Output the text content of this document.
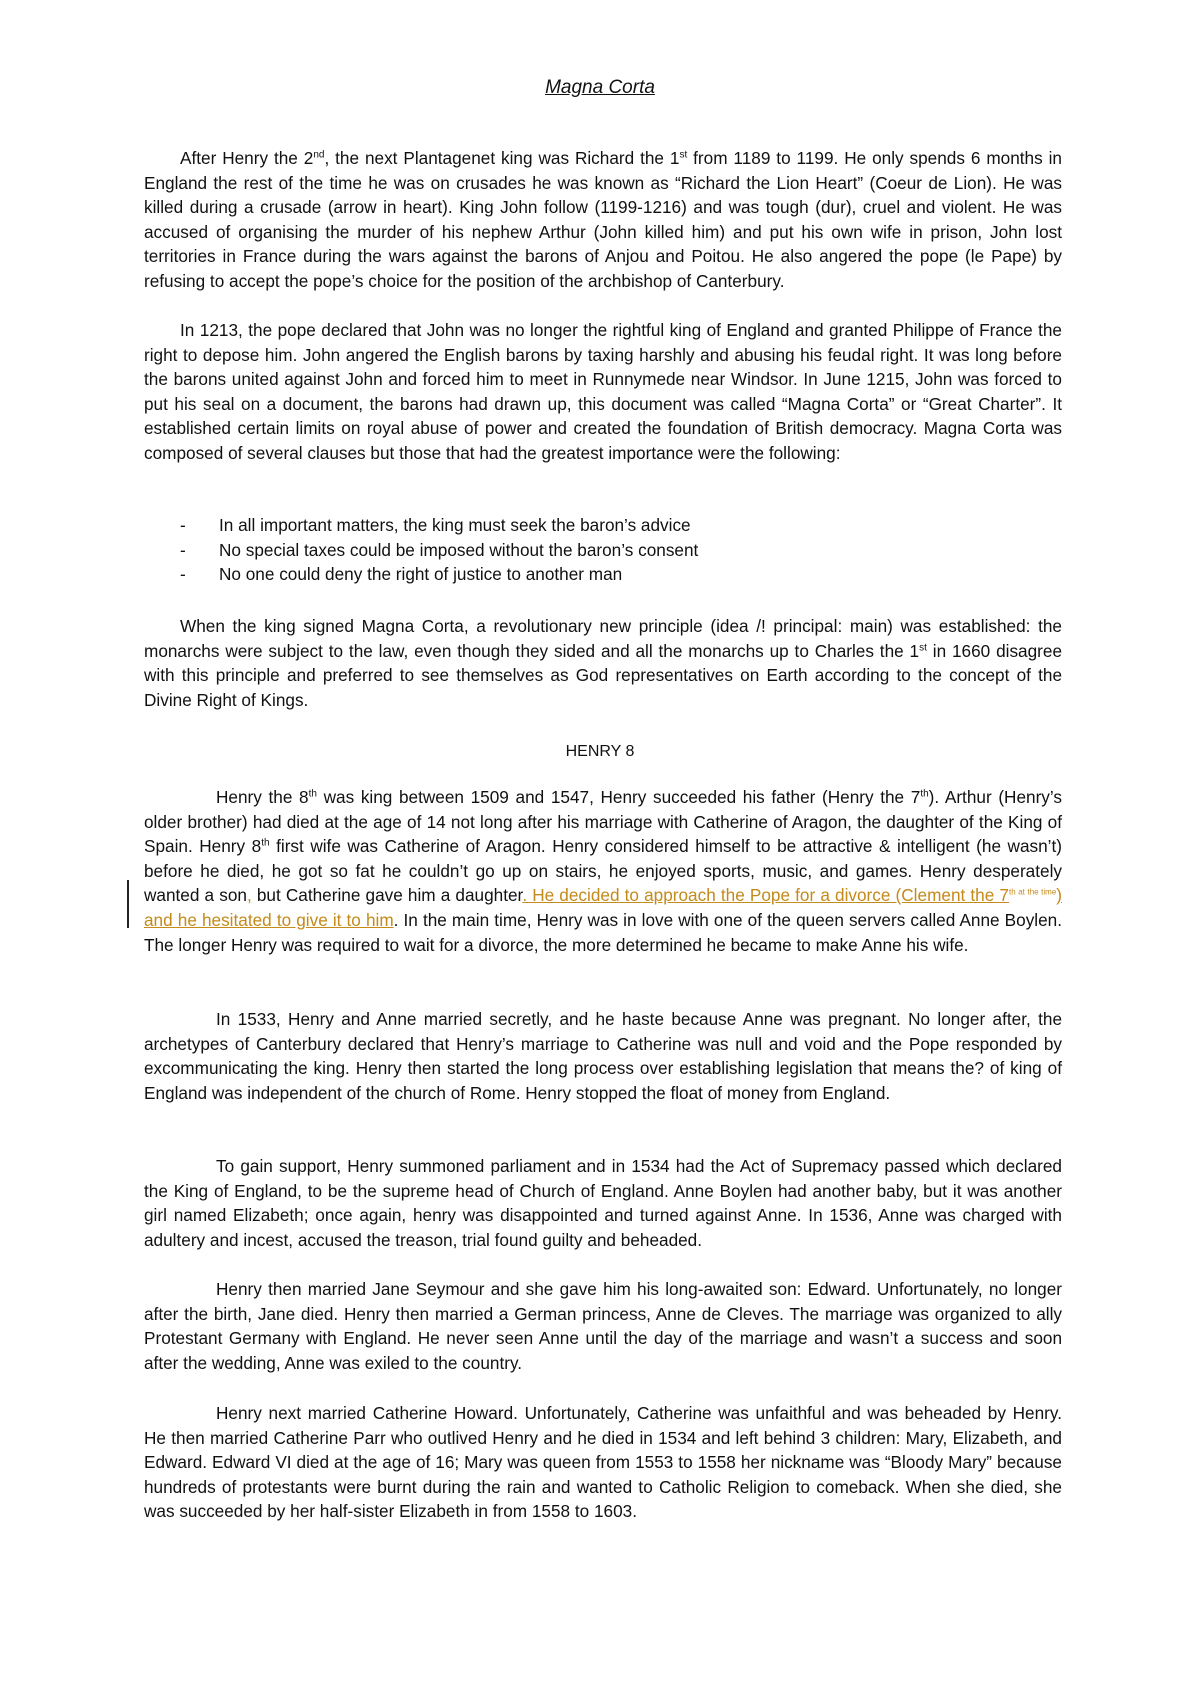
Magna Corta

After Henry the 2nd, the next Plantagenet king was Richard the 1st from 1189 to 1199. He only spends 6 months in England the rest of the time he was on crusades he was known as “Richard the Lion Heart” (Coeur de Lion). He was killed during a crusade (arrow in heart). King John follow (1199-1216) and was tough (dur), cruel and violent. He was accused of organising the murder of his nephew Arthur (John killed him) and put his own wife in prison, John lost territories in France during the wars against the barons of Anjou and Poitou. He also angered the pope (le Pape) by refusing to accept the pope’s choice for the position of the archbishop of Canterbury.

In 1213, the pope declared that John was no longer the rightful king of England and granted Philippe of France the right to depose him. John angered the English barons by taxing harshly and abusing his feudal right. It was long before the barons united against John and forced him to meet in Runnymede near Windsor. In June 1215, John was forced to put his seal on a document, the barons had drawn up, this document was called “Magna Corta” or “Great Charter”. It established certain limits on royal abuse of power and created the foundation of British democracy. Magna Corta was composed of several clauses but those that had the greatest importance were the following:

- In all important matters, the king must seek the baron’s advice
- No special taxes could be imposed without the baron’s consent
- No one could deny the right of justice to another man

When the king signed Magna Corta, a revolutionary new principle (idea /! principal: main) was established: the monarchs were subject to the law, even though they sided and all the monarchs up to Charles the 1st in 1660 disagree with this principle and preferred to see themselves as God representatives on Earth according to the concept of the Divine Right of Kings.

HENRY 8

Henry the 8th was king between 1509 and 1547, Henry succeeded his father (Henry the 7th). Arthur (Henry’s older brother) had died at the age of 14 not long after his marriage with Catherine of Aragon, the daughter of the King of Spain. Henry 8th first wife was Catherine of Aragon. Henry considered himself to be attractive & intelligent (he wasn’t) before he died, he got so fat he couldn’t go up on stairs, he enjoyed sports, music, and games. Henry desperately wanted a son, but Catherine gave him a daughter. He decided to approach the Pope for a divorce (Clement the $7^{th at the time}$) and he hesitated to give it to him. In the main time, Henry was in love with one of the queen servers called Anne Boylen. The longer Henry was required to wait for a divorce, the more determined he became to make Anne his wife.

In 1533, Henry and Anne married secretly, and he haste because Anne was pregnant. No longer after, the archetypes of Canterbury declared that Henry’s marriage to Catherine was null and void and the Pope responded by excommunicating the king. Henry then started the long process over establishing legislation that means the? of king of England was independent of the church of Rome. Henry stopped the float of money from England.

To gain support, Henry summoned parliament and in 1534 had the Act of Supremacy passed which declared the King of England, to be the supreme head of Church of England. Anne Boylen had another baby, but it was another girl named Elizabeth; once again, henry was disappointed and turned against Anne. In 1536, Anne was charged with adultery and incest, accused the treason, trial found guilty and beheaded.

Henry then married Jane Seymour and she gave him his long-awaited son: Edward. Unfortunately, no longer after the birth, Jane died. Henry then married a German princess, Anne de Cleves. The marriage was organized to ally Protestant Germany with England. He never seen Anne until the day of the marriage and wasn’t a success and soon after the wedding, Anne was exiled to the country.

Henry next married Catherine Howard. Unfortunately, Catherine was unfaithful and was beheaded by Henry. He then married Catherine Parr who outlived Henry and he died in 1534 and left behind 3 children: Mary, Elizabeth, and Edward. Edward VI died at the age of 16; Mary was queen from 1553 to 1558 her nickname was “Bloody Mary” because hundreds of protestants were burnt during the rain and wanted to Catholic Religion to comeback. When she died, she was succeeded by her half-sister Elizabeth in from 1558 to 1603.
